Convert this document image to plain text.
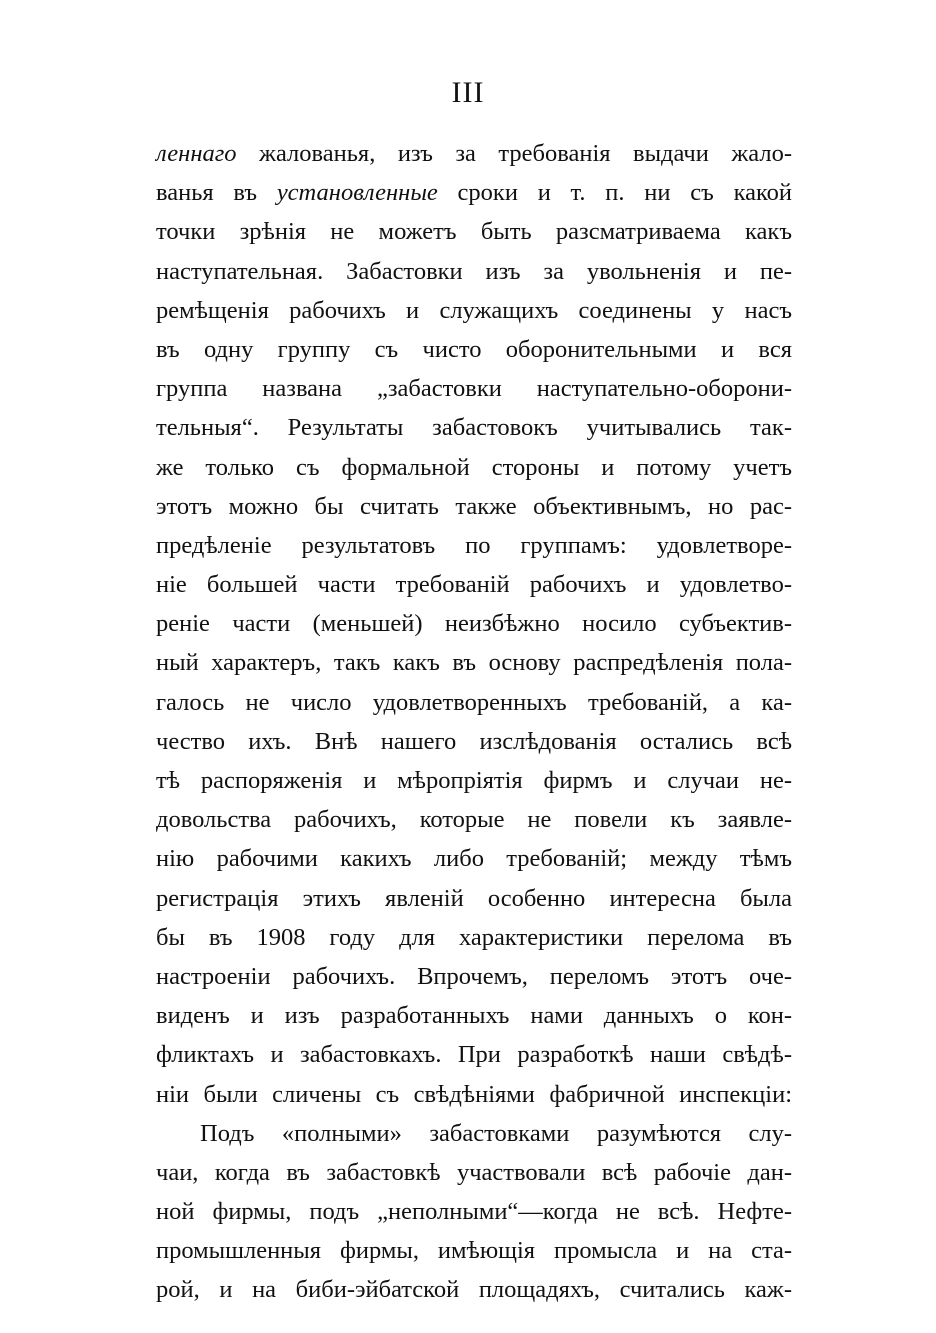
III
леннаго жалованья, изъ за требованія выдачи жало-
ванья въ установленные сроки и т. п. ни съ какой
точки зрѣнія не можетъ быть разсматриваема какъ
наступательная. Забастовки изъ за увольненія и пе-
ремѣщенія рабочихъ и служащихъ соединены у насъ
въ одну группу съ чисто оборонительными и вся
группа названа „забастовки наступательно-оборони-
тельныя“. Результаты забастовокъ учитывались так-
же только съ формальной стороны и потому учетъ
этотъ можно бы считать также объективнымъ, но рас-
предѣленіе результатовъ по группамъ: удовлетворе-
ніе большей части требованій рабочихъ и удовлетво-
реніе части (меньшей) неизбѣжно носило субъектив-
ный характеръ, такъ какъ въ основу распредѣленія пола-
галось не число удовлетворенныхъ требованій, а ка-
чество ихъ. Внѣ нашего изслѣдованія остались всѣ
тѣ распоряженія и мѣропріятія фирмъ и случаи не-
довольства рабочихъ, которые не повели къ заявле-
нію рабочими какихъ либо требованій; между тѣмъ
регистрація этихъ явленій особенно интересна была
бы въ 1908 году для характеристики перелома въ
настроеніи рабочихъ. Впрочемъ, переломъ этотъ оче-
виденъ и изъ разработанныхъ нами данныхъ о кон-
фликтахъ и забастовкахъ. При разработкѣ наши свѣдѣ-
ніи были сличены съ свѣдѣніями фабричной инспекціи:
Подъ «полными» забастовками разумѣются слу-
чаи, когда въ забастовкѣ участвовали всѣ рабочіе дан-
ной фирмы, подъ „неполными“—когда не всѣ. Нефте-
промышленныя фирмы, имѣющія промысла и на ста-
рой, и на биби-эйбатской площадяхъ, считались каж-
